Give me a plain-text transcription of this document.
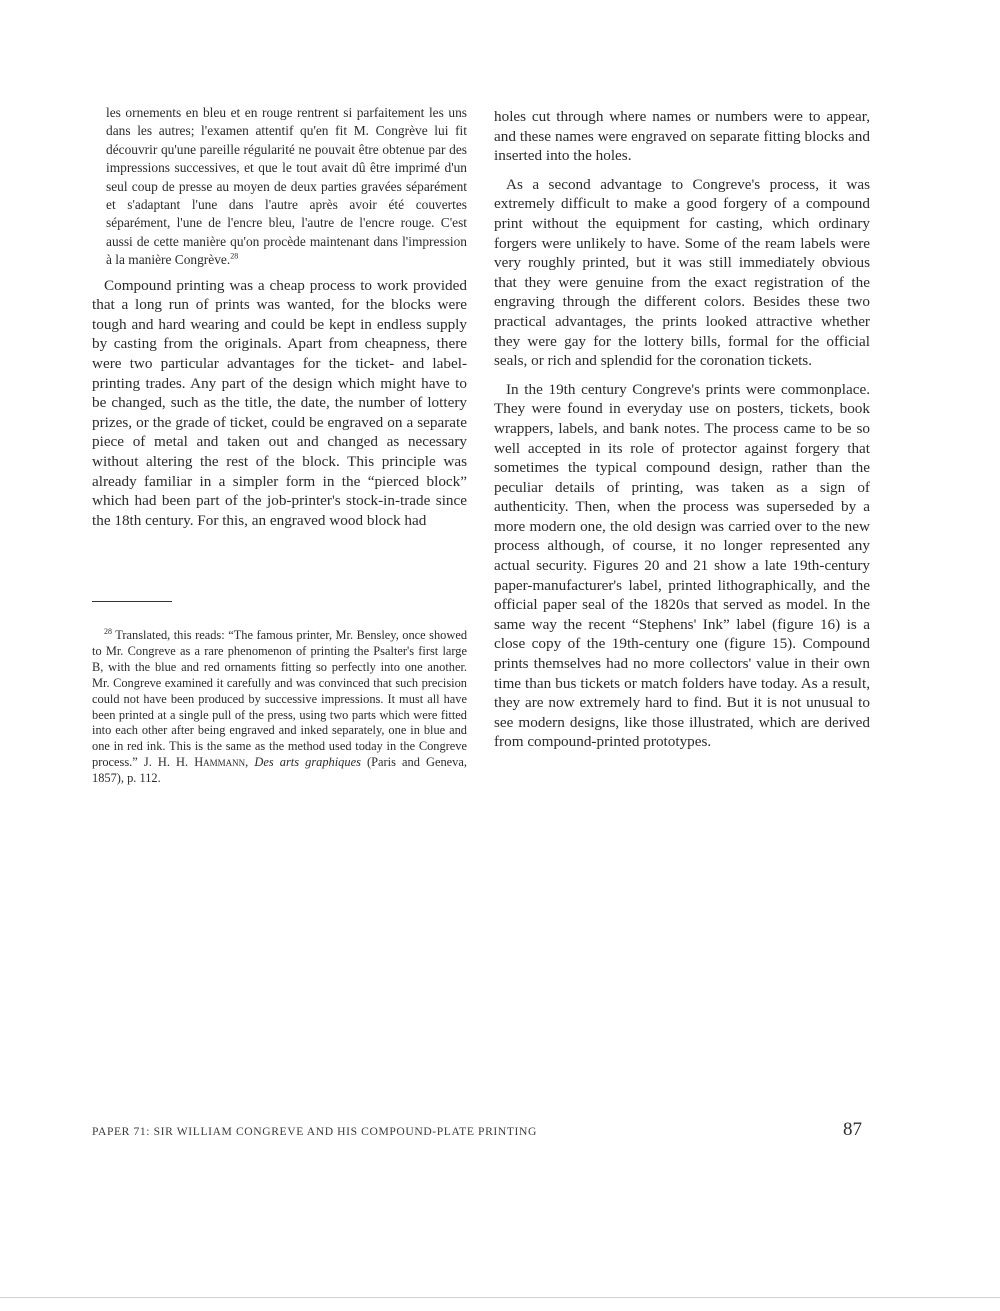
les ornements en bleu et en rouge rentrent si parfaitement les uns dans les autres; l'examen attentif qu'en fit M. Congrève lui fit découvrir qu'une pareille régularité ne pouvait être obtenue par des impressions successives, et que le tout avait dû être imprimé d'un seul coup de presse au moyen de deux parties gravées séparément et s'adaptant l'une dans l'autre après avoir été couvertes séparément, l'une de l'encre bleu, l'autre de l'encre rouge. C'est aussi de cette manière qu'on procède maintenant dans l'impression à la manière Congrève.$^{28}$

Compound printing was a cheap process to work provided that a long run of prints was wanted, for the blocks were tough and hard wearing and could be kept in endless supply by casting from the originals. Apart from cheapness, there were two particular advantages for the ticket- and label-printing trades. Any part of the design which might have to be changed, such as the title, the date, the number of lottery prizes, or the grade of ticket, could be engraved on a separate piece of metal and taken out and changed as necessary without altering the rest of the block. This principle was already familiar in a simpler form in the “pierced block” which had been part of the job-printer's stock-in-trade since the 18th century. For this, an engraved wood block had

holes cut through where names or numbers were to appear, and these names were engraved on separate fitting blocks and inserted into the holes.

As a second advantage to Congreve's process, it was extremely difficult to make a good forgery of a compound print without the equipment for casting, which ordinary forgers were unlikely to have. Some of the ream labels were very roughly printed, but it was still immediately obvious that they were genuine from the exact registration of the engraving through the different colors. Besides these two practical advantages, the prints looked attractive whether they were gay for the lottery bills, formal for the official seals, or rich and splendid for the coronation tickets.

In the 19th century Congreve's prints were commonplace. They were found in everyday use on posters, tickets, book wrappers, labels, and bank notes. The process came to be so well accepted in its role of protector against forgery that sometimes the typical compound design, rather than the peculiar details of printing, was taken as a sign of authenticity. Then, when the process was superseded by a more modern one, the old design was carried over to the new process although, of course, it no longer represented any actual security. Figures 20 and 21 show a late 19th-century paper-manufacturer's label, printed lithographically, and the official paper seal of the 1820s that served as model. In the same way the recent “Stephens' Ink” label (figure 16) is a close copy of the 19th-century one (figure 15). Compound prints themselves had no more collectors' value in their own time than bus tickets or match folders have today. As a result, they are now extremely hard to find. But it is not unusual to see modern designs, like those illustrated, which are derived from compound-printed prototypes.

$^{28}$ Translated, this reads: “The famous printer, Mr. Bensley, once showed to Mr. Congreve as a rare phenomenon of printing the Psalter's first large B, with the blue and red ornaments fitting so perfectly into one another. Mr. Congreve examined it carefully and was convinced that such precision could not have been produced by successive impressions. It must all have been printed at a single pull of the press, using two parts which were fitted into each other after being engraved and inked separately, one in blue and one in red ink. This is the same as the method used today in the Congreve process.” J. H. H. Hammann, Des arts graphiques (Paris and Geneva, 1857), p. 112.
PAPER 71: SIR WILLIAM CONGREVE AND HIS COMPOUND-PLATE PRINTING	87
